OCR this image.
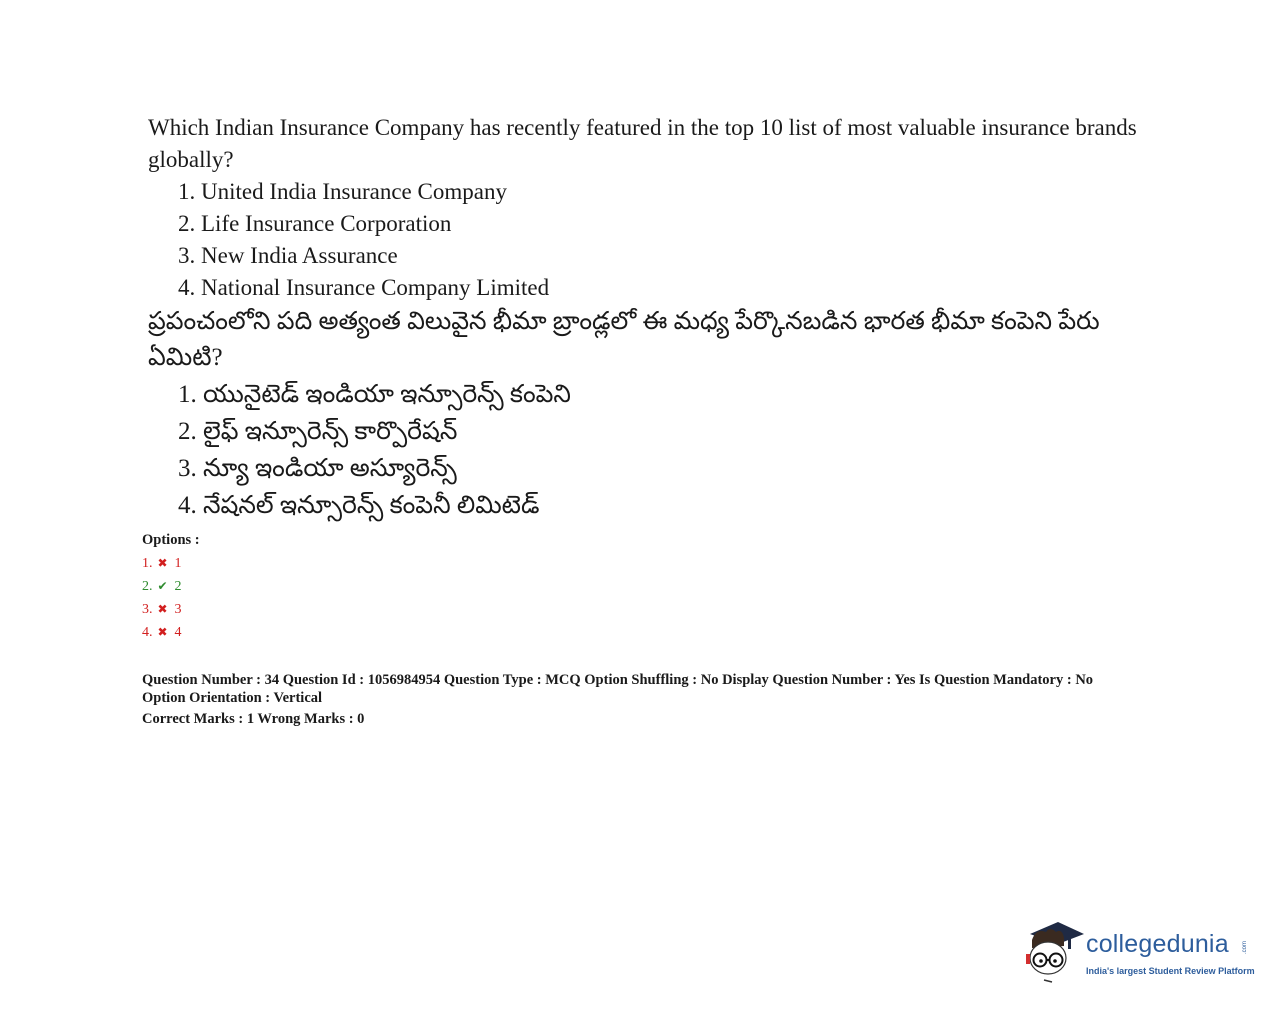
Which Indian Insurance Company has recently featured in the top 10 list of most valuable insurance brands globally?

1. United India Insurance Company
2. Life Insurance Corporation
3. New India Assurance
4. National Insurance Company Limited

ప్రపంచంలోని పది అత్యంత విలువైన భీమా బ్రాండ్లలో ఈ మధ్య పేర్కొనబడిన భారత భీమా కంపెని పేరు ఏమిటి?

1. యునైటెడ్ ఇండియా ఇన్సూరెన్స్ కంపెని
2. లైఫ్ ఇన్సూరెన్స్ కార్పొరేషన్
3. న్యూ ఇండియా అస్యూరెన్స్
4. నేషనల్ ఇన్సూరెన్స్ కంపెనీ లిమిటెడ్
Options :
1. ✖ 1
2. ✔ 2
3. ✖ 3
4. ✖ 4

Question Number : 34 Question Id : 1056984954 Question Type : MCQ Option Shuffling : No Display Question Number : Yes Is Question Mandatory : No

Option Orientation : Vertical

Correct Marks : 1 Wrong Marks : 0

collegedunia .com
India's largest Student Review Platform
